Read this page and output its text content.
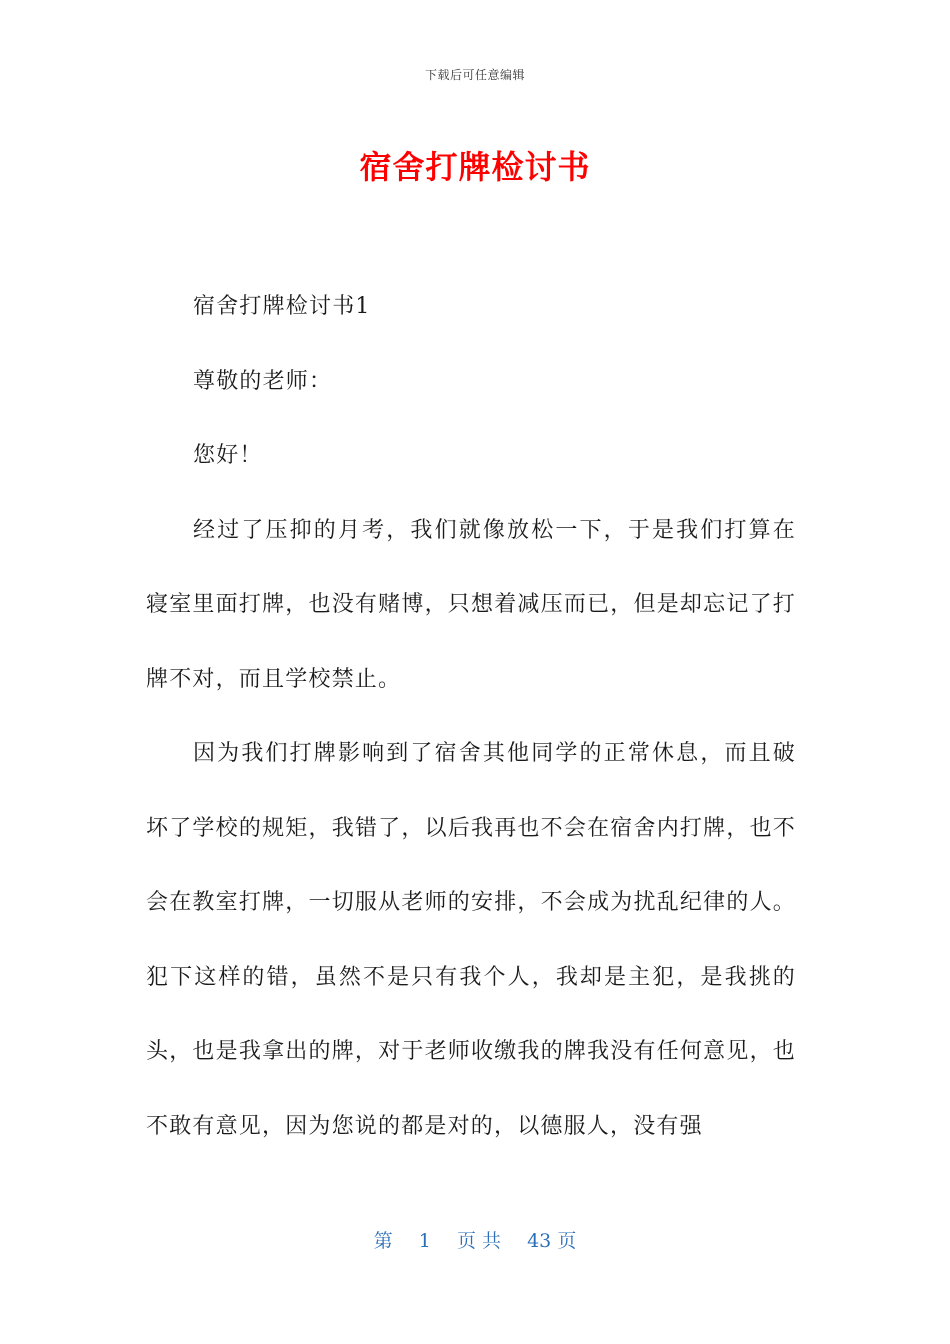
下载后可任意编辑
宿舍打牌检讨书

宿舍打牌检讨书1

尊敬的老师：

您好！

经过了压抑的月考，我们就像放松一下，于是我们打算在寝室里面打牌，也没有赌博，只想着减压而已，但是却忘记了打牌不对，而且学校禁止。

因为我们打牌影响到了宿舍其他同学的正常休息，而且破坏了学校的规矩，我错了，以后我再也不会在宿舍内打牌，也不会在教室打牌，一切服从老师的安排，不会成为扰乱纪律的人。犯下这样的错，虽然不是只有我个人，我却是主犯，是我挑的头，也是我拿出的牌，对于老师收缴我的牌我没有任何意见，也不敢有意见，因为您说的都是对的，以德服人，没有强

第 1 页 共 43 页
